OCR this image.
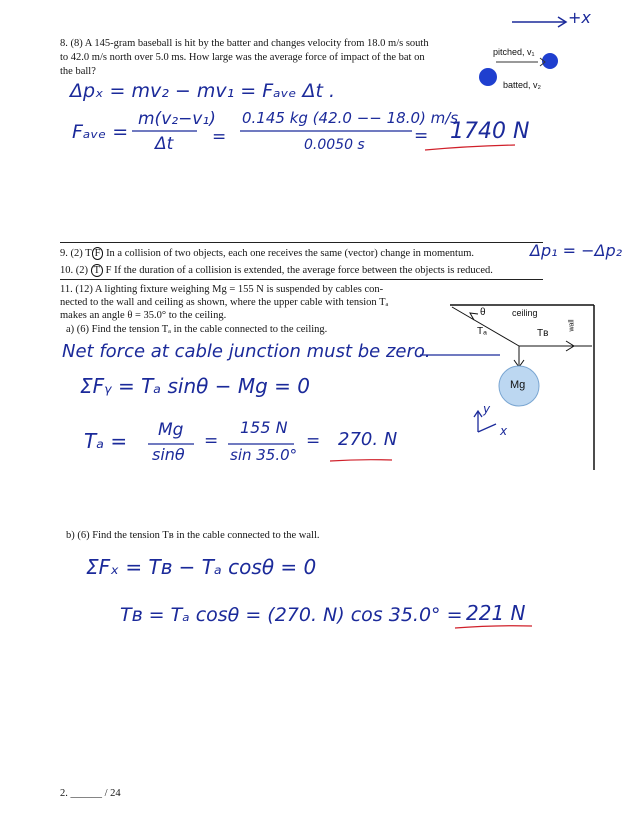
+x
8. (8) A 145-gram baseball is hit by the batter and changes velocity from 18.0 m/s south
to 42.0 m/s north over 5.0 ms. How large was the average force of impact of the bat on
the ball?
pitched, v₁
batted, v₂
Δpₓ = mv₂ − mv₁ = Fₐᵥₑ Δt .
Fₐᵥₑ =
m(v₂−v₁)
Δt =
0.145 kg (42.0 −− 18.0) m/s
0.0050 s	= 1740 N
9. (2) T F In a collision of two objects, each one receives the same (vector) change in momentum.	Δp₁ = −Δp₂
10. (2) T F If the duration of a collision is extended, the average force between the objects is reduced.
11. (12) A lighting fixture weighing Mg = 155 N is suspended by cables con-
nected to the wall and ceiling as shown, where the upper cable with tension Tₐ
makes an angle θ = 35.0° to the ceiling.
a) (6) Find the tension Tₐ in the cable connected to the ceiling.
θ	ceiling
wall
Tₐ	Tʙ
Mg
Net force at cable junction must be zero.
ΣFᵧ = Tₐ sinθ − Mg = 0
Tₐ = Mg
sinθ
=
155 N
sin 35.0°
= 270. N
y
x
b) (6) Find the tension Tʙ in the cable connected to the wall.
ΣFₓ = Tʙ − Tₐ cosθ = 0
Tʙ = Tₐ cosθ = (270. N) cos 35.0° = 221 N
2. ______ / 24
